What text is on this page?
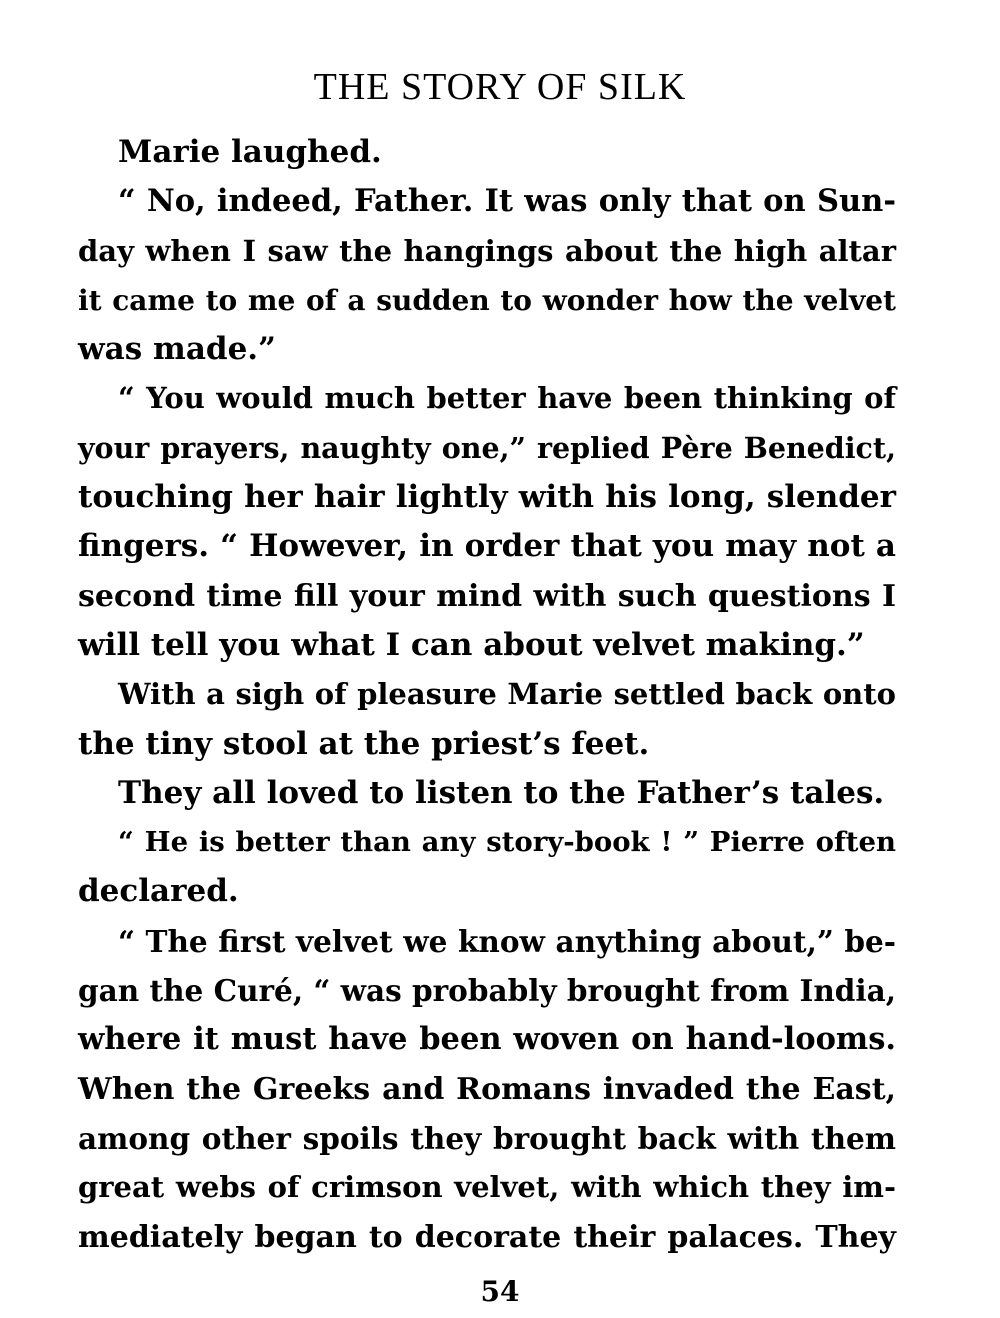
THE STORY OF SILK
Marie laughed.
“ No, indeed, Father. It was only that on Sun-
day when I saw the hangings about the high altar
it came to me of a sudden to wonder how the velvet
was made.”
“ You would much better have been thinking of
your prayers, naughty one,” replied Père Benedict,
touching her hair lightly with his long, slender
fingers. “ However, in order that you may not a
second time fill your mind with such questions I
will tell you what I can about velvet making.”
With a sigh of pleasure Marie settled back onto
the tiny stool at the priest’s feet.
They all loved to listen to the Father’s tales.
“ He is better than any story-book ! ” Pierre often
declared.
“ The first velvet we know anything about,” be-
gan the Curé, “ was probably brought from India,
where it must have been woven on hand-looms.
When the Greeks and Romans invaded the East,
among other spoils they brought back with them
great webs of crimson velvet, with which they im-
mediately began to decorate their palaces. They
54
